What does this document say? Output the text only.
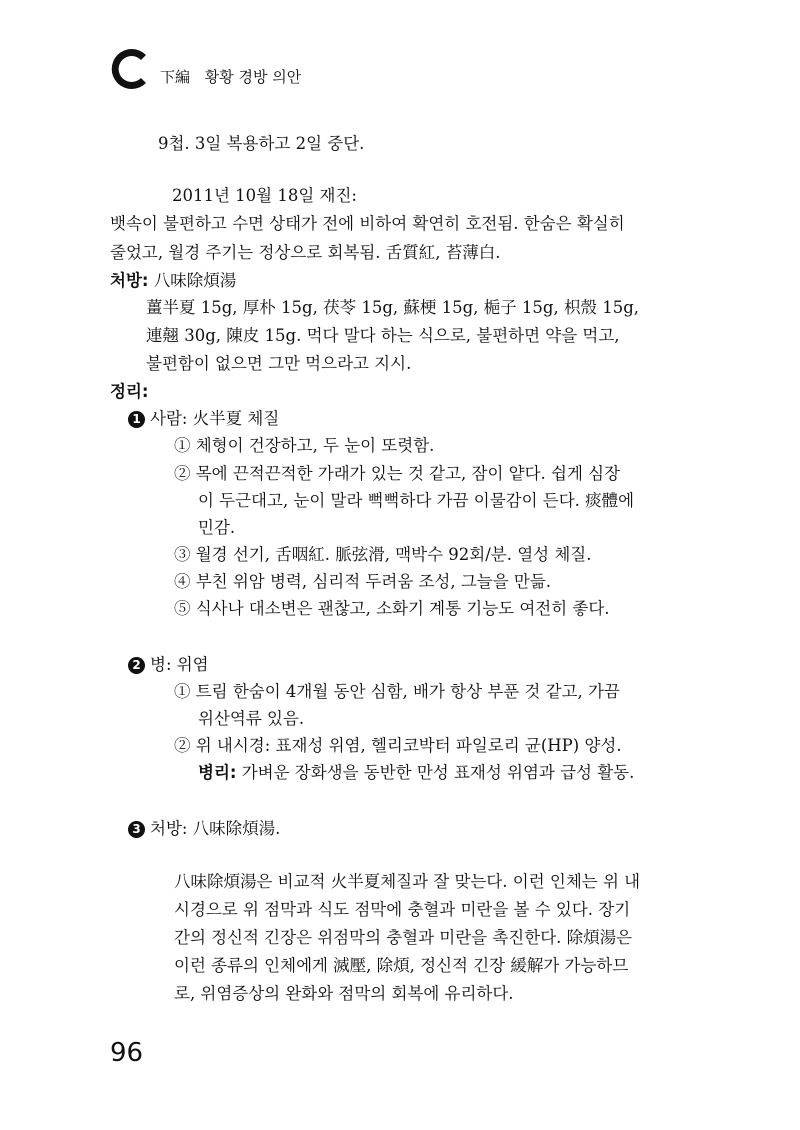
下編 황황 경방 의안
9첩. 3일 복용하고 2일 중단.
2011년 10월 18일 재진:
뱃속이 불편하고 수면 상태가 전에 비하여 확연히 호전됨. 한숨은 확실히
줄었고, 월경 주기는 정상으로 회복됨. 舌質紅, 苔薄白.
처방: 八味除煩湯
薑半夏 15g, 厚朴 15g, 茯苓 15g, 蘇梗 15g, 梔子 15g, 枳殼 15g,
連翹 30g, 陳皮 15g. 먹다 말다 하는 식으로, 불편하면 약을 먹고,
불편함이 없으면 그만 먹으라고 지시.
정리:
1 사람: 火半夏 체질
① 체형이 건장하고, 두 눈이 또렷함.
② 목에 끈적끈적한 가래가 있는 것 같고, 잠이 얕다. 쉽게 심장
이 두근대고, 눈이 말라 뻑뻑하다 가끔 이물감이 든다. 痰體에
민감.
③ 월경 선기, 舌咽紅. 脈弦滑, 맥박수 92회/분. 열성 체질.
④ 부친 위암 병력, 심리적 두려움 조성, 그늘을 만듦.
⑤ 식사나 대소변은 괜찮고, 소화기 계통 기능도 여전히 좋다.
2 병: 위염
① 트림 한숨이 4개월 동안 심함, 배가 항상 부푼 것 같고, 가끔
위산역류 있음.
② 위 내시경: 표재성 위염, 헬리코박터 파일로리 균(HP) 양성.
병리: 가벼운 장화생을 동반한 만성 표재성 위염과 급성 활동.
3 처방: 八味除煩湯.
八味除煩湯은 비교적 火半夏체질과 잘 맞는다. 이런 인체는 위 내
시경으로 위 점막과 식도 점막에 충혈과 미란을 볼 수 있다. 장기
간의 정신적 긴장은 위점막의 충혈과 미란을 촉진한다. 除煩湯은
이런 종류의 인체에게 滅壓, 除煩, 정신적 긴장 緩解가 가능하므
로, 위염증상의 완화와 점막의 회복에 유리하다.
96
